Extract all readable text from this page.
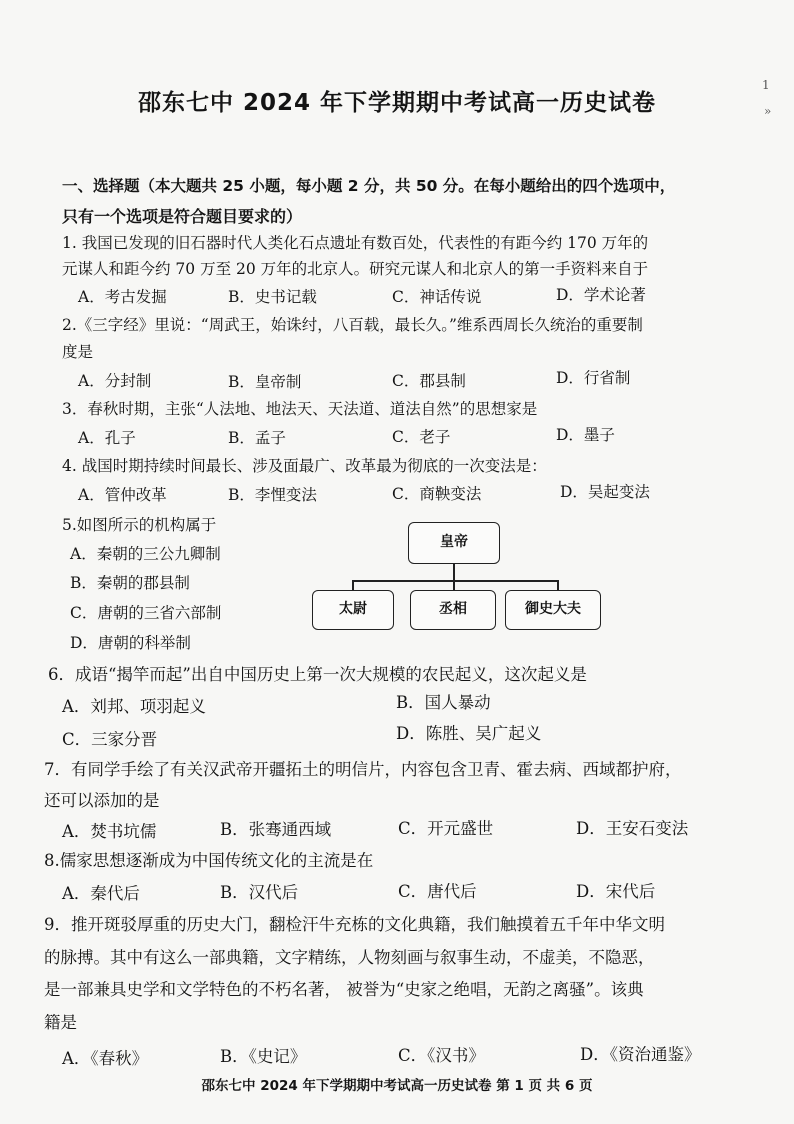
1
»
邵东七中 2024 年下学期期中考试高一历史试卷
一、选择题（本大题共 25 小题，每小题 2 分，共 50 分。在每小题给出的四个选项中，
只有一个选项是符合题目要求的）
1. 我国已发现的旧石器时代人类化石点遗址有数百处，代表性的有距今约 170 万年的
元谋人和距今约 70 万至 20 万年的北京人。研究元谋人和北京人的第一手资料来自于
A．考古发掘	B．史书记载	C．神话传说	D．学术论著
2.《三字经》里说：“周武王，始诛纣，八百载，最长久。”维系西周长久统治的重要制
度是
A．分封制	B．皇帝制	C．郡县制	D．行省制
3．春秋时期，主张“人法地、地法天、天法道、道法自然”的思想家是
A．孔子	B．孟子	C．老子	D．墨子
4. 战国时期持续时间最长、涉及面最广、改革最为彻底的一次变法是：
A．管仲改革	B．李悝变法	C．商鞅变法	D．吴起变法
5.如图所示的机构属于
A．秦朝的三公九卿制
B．秦朝的郡县制
C．唐朝的三省六部制
D．唐朝的科举制
皇帝
太尉	丞相	御史大夫
6．成语“揭竿而起”出自中国历史上第一次大规模的农民起义，这次起义是
A．刘邦、项羽起义	B．国人暴动
C．三家分晋	D．陈胜、吴广起义
7．有同学手绘了有关汉武帝开疆拓土的明信片，内容包含卫青、霍去病、西域都护府，
还可以添加的是
A．焚书坑儒	B．张骞通西域	C．开元盛世	D．王安石变法
8.儒家思想逐渐成为中国传统文化的主流是在
A．秦代后	B．汉代后	C．唐代后	D．宋代后
9．推开斑驳厚重的历史大门，翻检汗牛充栋的文化典籍，我们触摸着五千年中华文明
的脉搏。其中有这么一部典籍，文字精练，人物刻画与叙事生动，不虚美，不隐恶，
是一部兼具史学和文学特色的不朽名著， 被誉为“史家之绝唱，无韵之离骚”。该典
籍是
A．《春秋》	B．《史记》	C．《汉书》	D．《资治通鉴》
邵东七中 2024 年下学期期中考试高一历史试卷 第 1 页 共 6 页
